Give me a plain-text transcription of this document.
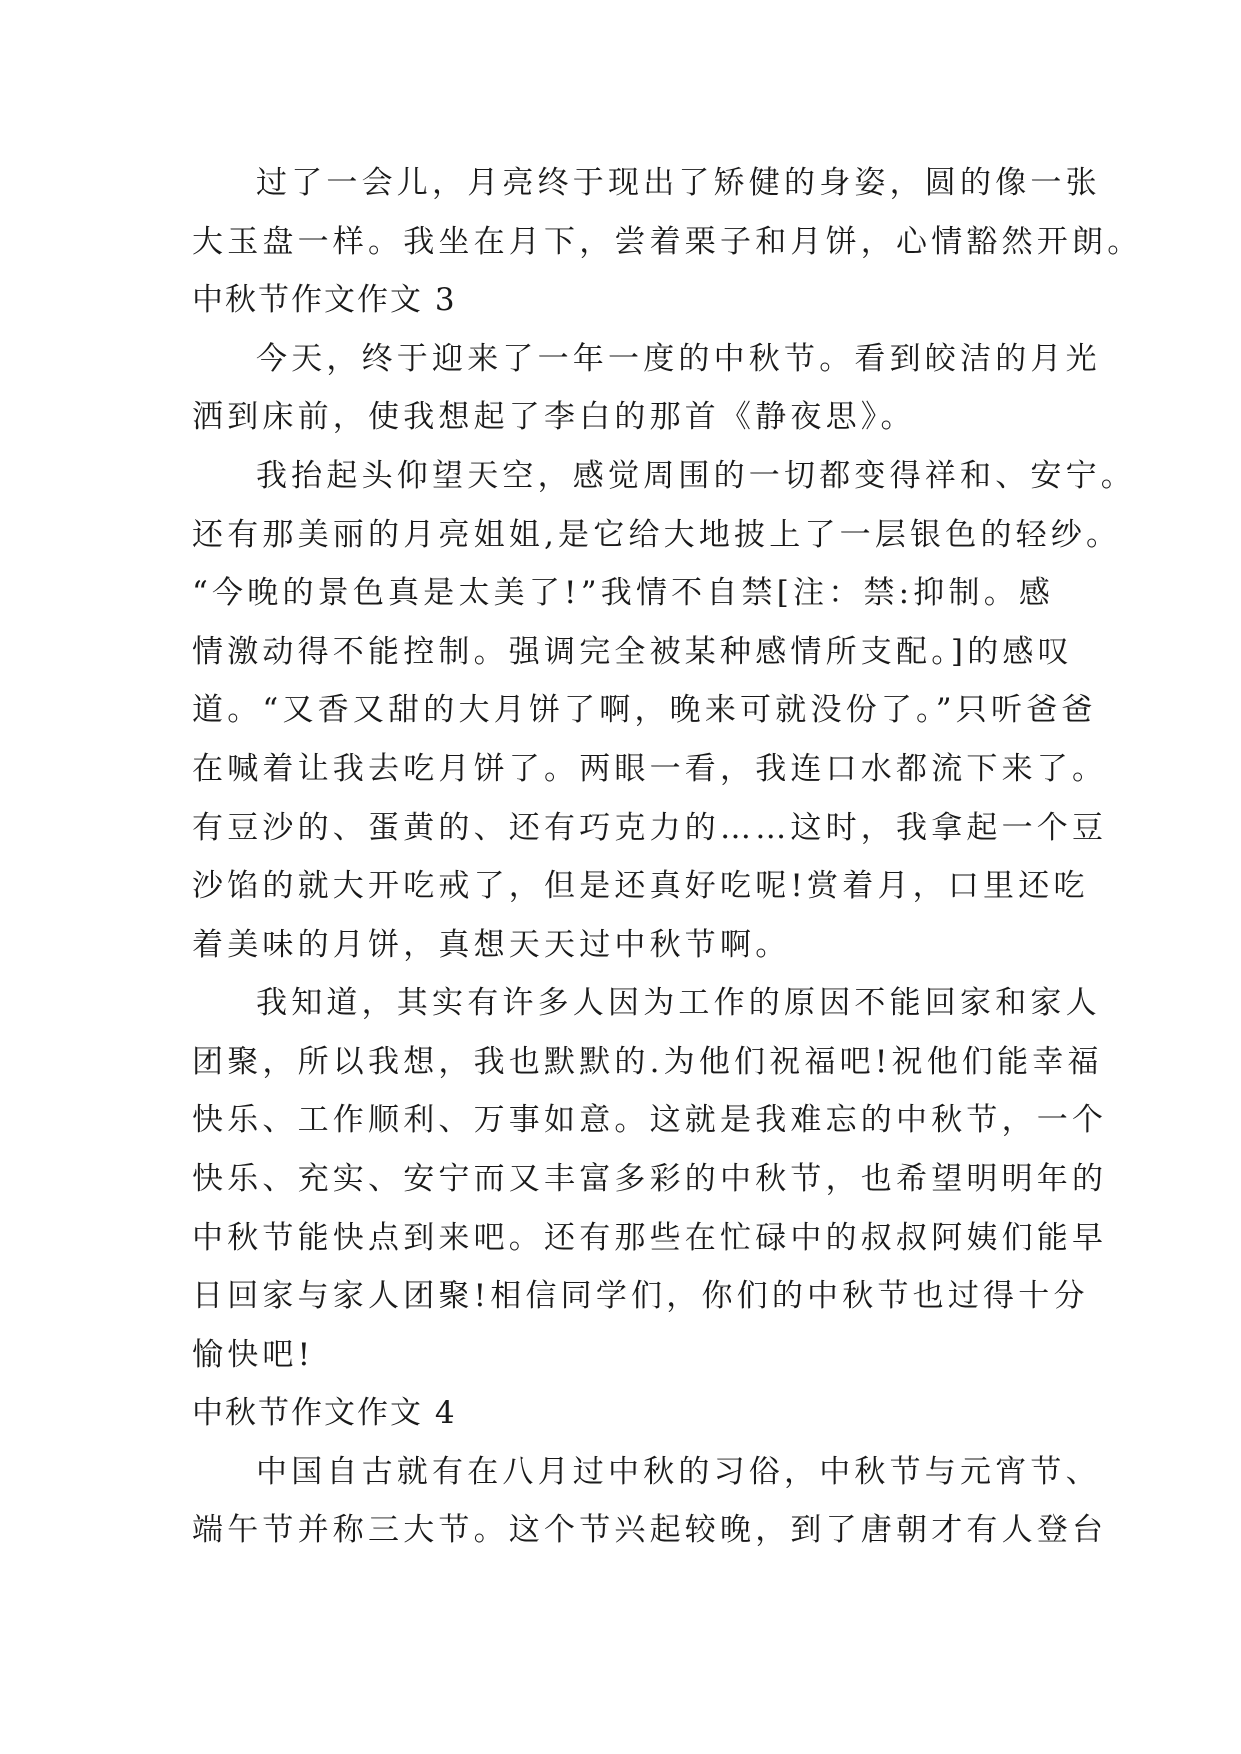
过了一会儿，月亮终于现出了矫健的身姿，圆的像一张
大玉盘一样。我坐在月下，尝着栗子和月饼，心情豁然开朗。
中秋节作文作文 3
今天，终于迎来了一年一度的中秋节。看到皎洁的月光
洒到床前，使我想起了李白的那首《静夜思》。
我抬起头仰望天空，感觉周围的一切都变得祥和、安宁。
还有那美丽的月亮姐姐,是它给大地披上了一层银色的轻纱。
“今晚的景色真是太美了!”我情不自禁[注：禁:抑制。感
情激动得不能控制。强调完全被某种感情所支配。]的感叹
道。“又香又甜的大月饼了啊，晚来可就没份了。”只听爸爸
在喊着让我去吃月饼了。两眼一看，我连口水都流下来了。
有豆沙的、蛋黄的、还有巧克力的……这时，我拿起一个豆
沙馅的就大开吃戒了，但是还真好吃呢!赏着月，口里还吃
着美味的月饼，真想天天过中秋节啊。
我知道，其实有许多人因为工作的原因不能回家和家人
团聚，所以我想，我也默默的.为他们祝福吧!祝他们能幸福
快乐、工作顺利、万事如意。这就是我难忘的中秋节，一个
快乐、充实、安宁而又丰富多彩的中秋节，也希望明明年的
中秋节能快点到来吧。还有那些在忙碌中的叔叔阿姨们能早
日回家与家人团聚!相信同学们，你们的中秋节也过得十分
愉快吧!
中秋节作文作文 4
中国自古就有在八月过中秋的习俗，中秋节与元宵节、
端午节并称三大节。这个节兴起较晚，到了唐朝才有人登台
